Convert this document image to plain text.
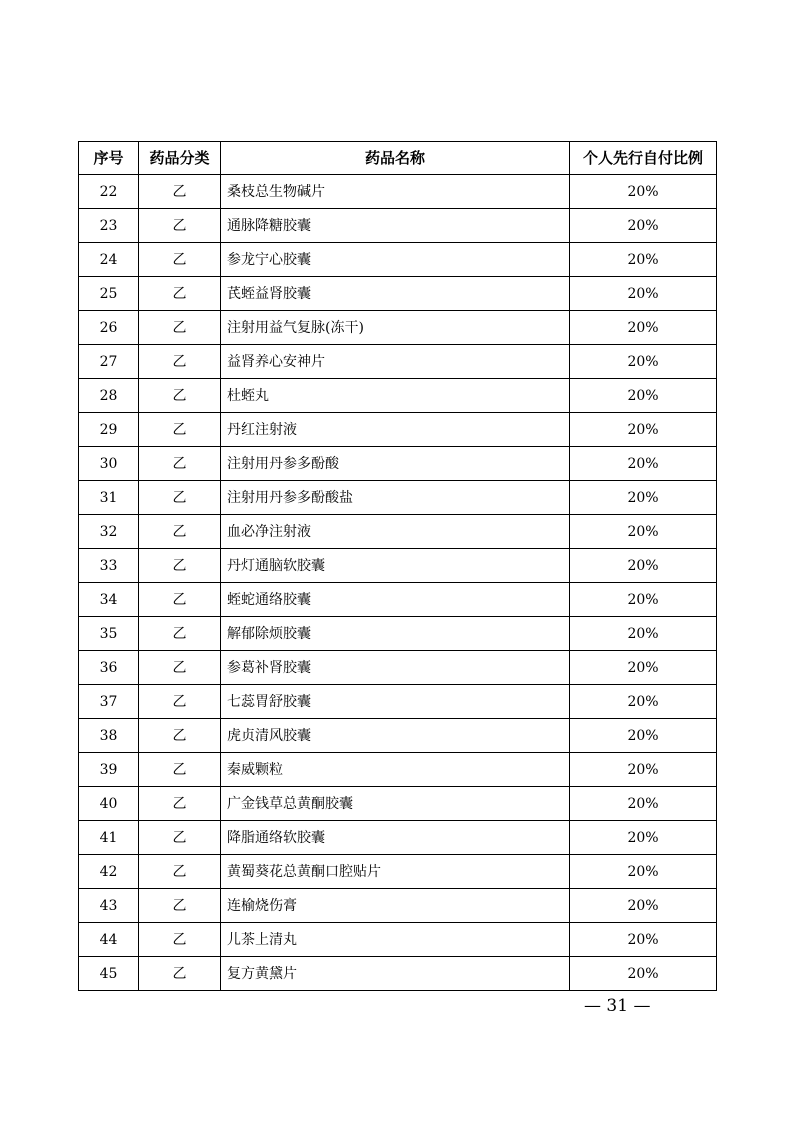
序号	药品分类	药品名称	个人先行自付比例
22	乙	桑枝总生物碱片	20%
23	乙	通脉降糖胶囊	20%
24	乙	参龙宁心胶囊	20%
25	乙	芪蛭益肾胶囊	20%
26	乙	注射用益气复脉(冻干)	20%
27	乙	益肾养心安神片	20%
28	乙	杜蛭丸	20%
29	乙	丹红注射液	20%
30	乙	注射用丹参多酚酸	20%
31	乙	注射用丹参多酚酸盐	20%
32	乙	血必净注射液	20%
33	乙	丹灯通脑软胶囊	20%
34	乙	蛭蛇通络胶囊	20%
35	乙	解郁除烦胶囊	20%
36	乙	参葛补肾胶囊	20%
37	乙	七蕊胃舒胶囊	20%
38	乙	虎贞清风胶囊	20%
39	乙	秦威颗粒	20%
40	乙	广金钱草总黄酮胶囊	20%
41	乙	降脂通络软胶囊	20%
42	乙	黄蜀葵花总黄酮口腔贴片	20%
43	乙	连榆烧伤膏	20%
44	乙	儿茶上清丸	20%
45	乙	复方黄黛片	20%
— 31 —
